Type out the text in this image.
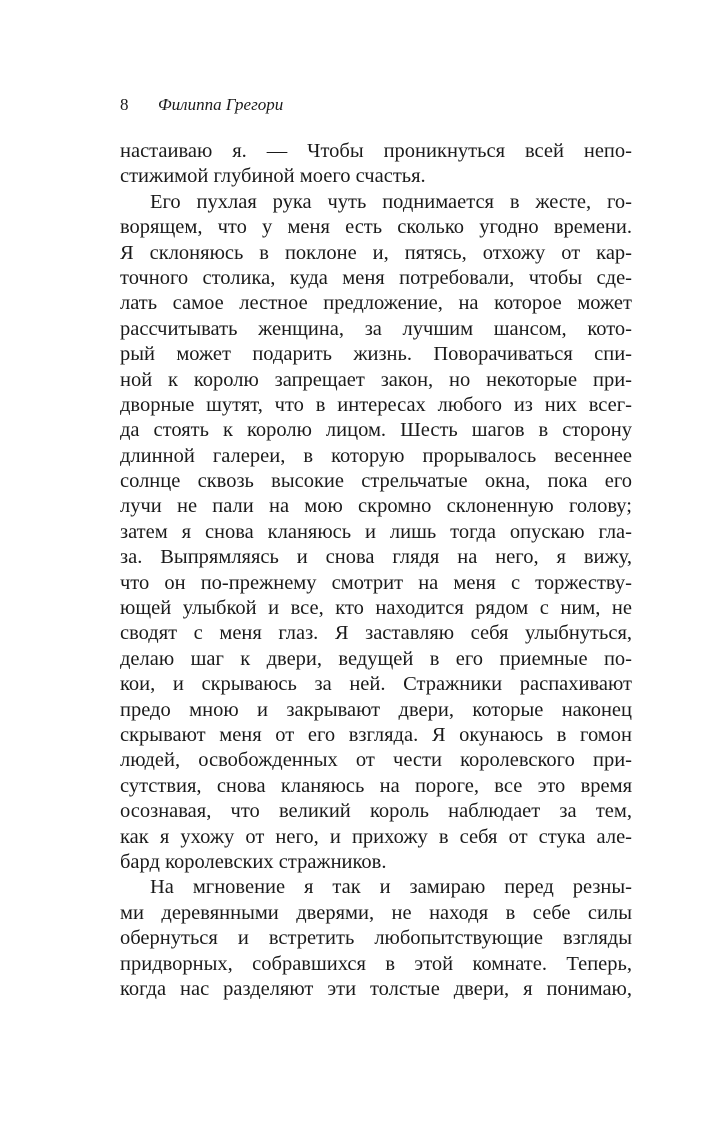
8 Филиппа Грегори
настаиваю я. — Чтобы проникнуться всей непо-
стижимой глубиной моего счастья.
Его пухлая рука чуть поднимается в жесте, го-
ворящем, что у меня есть сколько угодно времени.
Я склоняюсь в поклоне и, пятясь, отхожу от кар-
точного столика, куда меня потребовали, чтобы сде-
лать самое лестное предложение, на которое может
рассчитывать женщина, за лучшим шансом, кото-
рый может подарить жизнь. Поворачиваться спи-
ной к королю запрещает закон, но некоторые при-
дворные шутят, что в интересах любого из них всег-
да стоять к королю лицом. Шесть шагов в сторону
длинной галереи, в которую прорывалось весеннее
солнце сквозь высокие стрельчатые окна, пока его
лучи не пали на мою скромно склоненную голову;
затем я снова кланяюсь и лишь тогда опускаю гла-
за. Выпрямляясь и снова глядя на него, я вижу,
что он по-прежнему смотрит на меня с торжеству-
ющей улыбкой и все, кто находится рядом с ним, не
сводят с меня глаз. Я заставляю себя улыбнуться,
делаю шаг к двери, ведущей в его приемные по-
кои, и скрываюсь за ней. Стражники распахивают
предо мною и закрывают двери, которые наконец
скрывают меня от его взгляда. Я окунаюсь в гомон
людей, освобожденных от чести королевского при-
сутствия, снова кланяюсь на пороге, все это время
осознавая, что великий король наблюдает за тем,
как я ухожу от него, и прихожу в себя от стука але-
бард королевских стражников.
На мгновение я так и замираю перед резны-
ми деревянными дверями, не находя в себе силы
обернуться и встретить любопытствующие взгляды
придворных, собравшихся в этой комнате. Теперь,
когда нас разделяют эти толстые двери, я понимаю,
